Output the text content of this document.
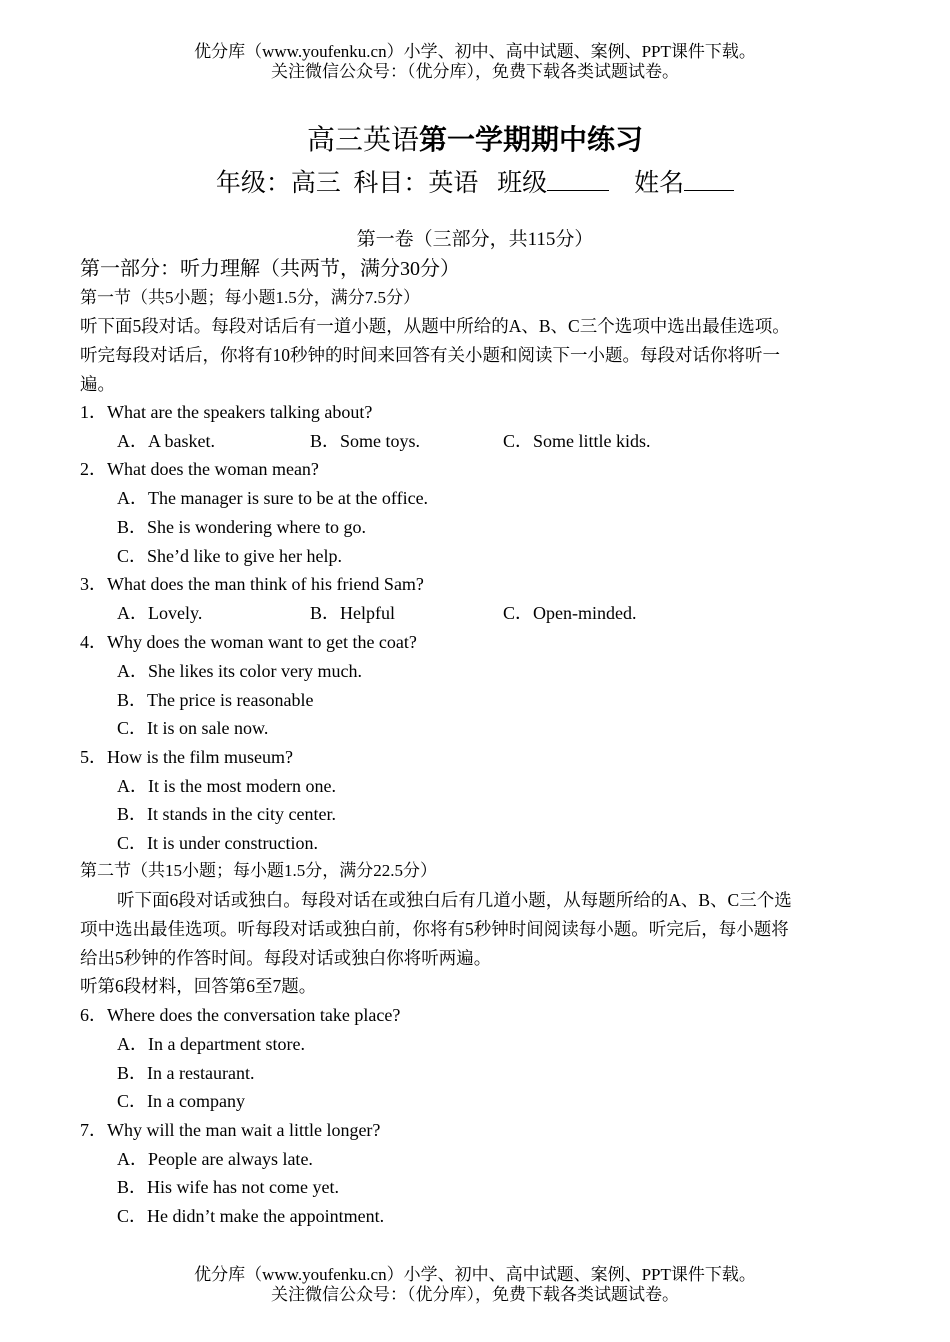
优分库（www.youfenku.cn）小学、初中、高中试题、案例、PPT课件下载。
关注微信公众号：（优分库），免费下载各类试题试卷。
高三英语第一学期期中练习
年级：高三 科目：英语 班级	姓名
第一卷（三部分，共115分）
第一部分：听力理解（共两节，满分30分）
第一节（共5小题；每小题1.5分，满分7.5分）
听下面5段对话。每段对话后有一道小题，从题中所给的A、B、C三个选项中选出最佳选项。
听完每段对话后，你将有10秒钟的时间来回答有关小题和阅读下一小题。每段对话你将听一
遍。
1．What are the speakers talking about?
A．A basket.	B．Some toys.	C．Some little kids.
2．What does the woman mean?
A．The manager is sure to be at the office.
B．She is wondering where to go.
C．She’d like to give her help.
3．What does the man think of his friend Sam?
A．Lovely.	B．Helpful	C．Open-minded.
4．Why does the woman want to get the coat?
A．She likes its color very much.
B．The price is reasonable
C．It is on sale now.
5．How is the film museum?
A．It is the most modern one.
B．It stands in the city center.
C．It is under construction.
第二节（共15小题；每小题1.5分，满分22.5分）
听下面6段对话或独白。每段对话在或独白后有几道小题，从每题所给的A、B、C三个选
项中选出最佳选项。听每段对话或独白前，你将有5秒钟时间阅读每小题。听完后，每小题将
给出5秒钟的作答时间。每段对话或独白你将听两遍。
听第6段材料，回答第6至7题。
6．Where does the conversation take place?
A．In a department store.
B．In a restaurant.
C．In a company
7．Why will the man wait a little longer?
A．People are always late.
B．His wife has not come yet.
C．He didn’t make the appointment.
优分库（www.youfenku.cn）小学、初中、高中试题、案例、PPT课件下载。
关注微信公众号：（优分库），免费下载各类试题试卷。
